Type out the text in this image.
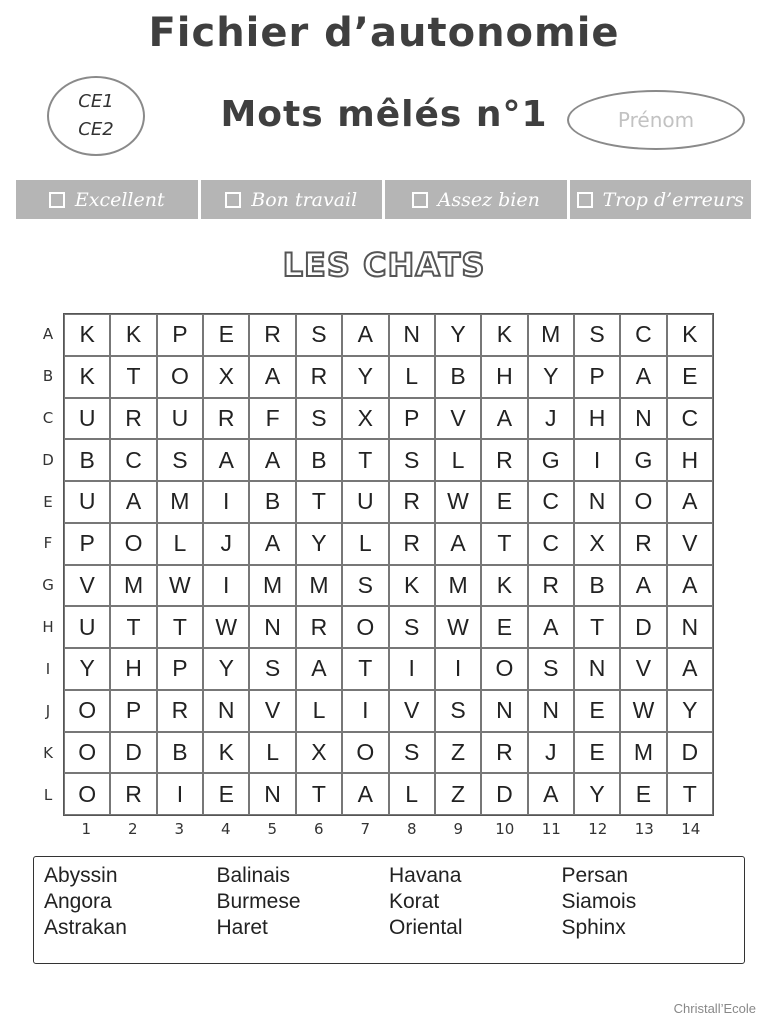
Fichier d’autonomie
CE1
CE2	Mots mêlés n°1	Prénom
Excellent	Bon travail	Assez bien	Trop d’erreurs
LES CHATS
A
B
C
D
E
F
G
H
I
J
K
L
K	K	P	E	R	S	A	N	Y	K	M	S	C	K
K	T	O	X	A	R	Y	L	B	H	Y	P	A	E
U	R	U	R	F	S	X	P	V	A	J	H	N	C
B	C	S	A	A	B	T	S	L	R	G	I	G	H
U	A	M	I	B	T	U	R	W	E	C	N	O	A
P	O	L	J	A	Y	L	R	A	T	C	X	R	V
V	M	W	I	M	M	S	K	M	K	R	B	A	A
U	T	T	W	N	R	O	S	W	E	A	T	D	N
Y	H	P	Y	S	A	T	I	I	O	S	N	V	A
O	P	R	N	V	L	I	V	S	N	N	E	W	Y
O	D	B	K	L	X	O	S	Z	R	J	E	M	D
O	R	I	E	N	T	A	L	Z	D	A	Y	E	T
1	2	3	4	5	6	7	8	9	10	11	12	13	14
Abyssin
Angora
Astrakan
Balinais
Burmese
Haret
Havana
Korat
Oriental
Persan
Siamois
Sphinx
Christall’Ecole
